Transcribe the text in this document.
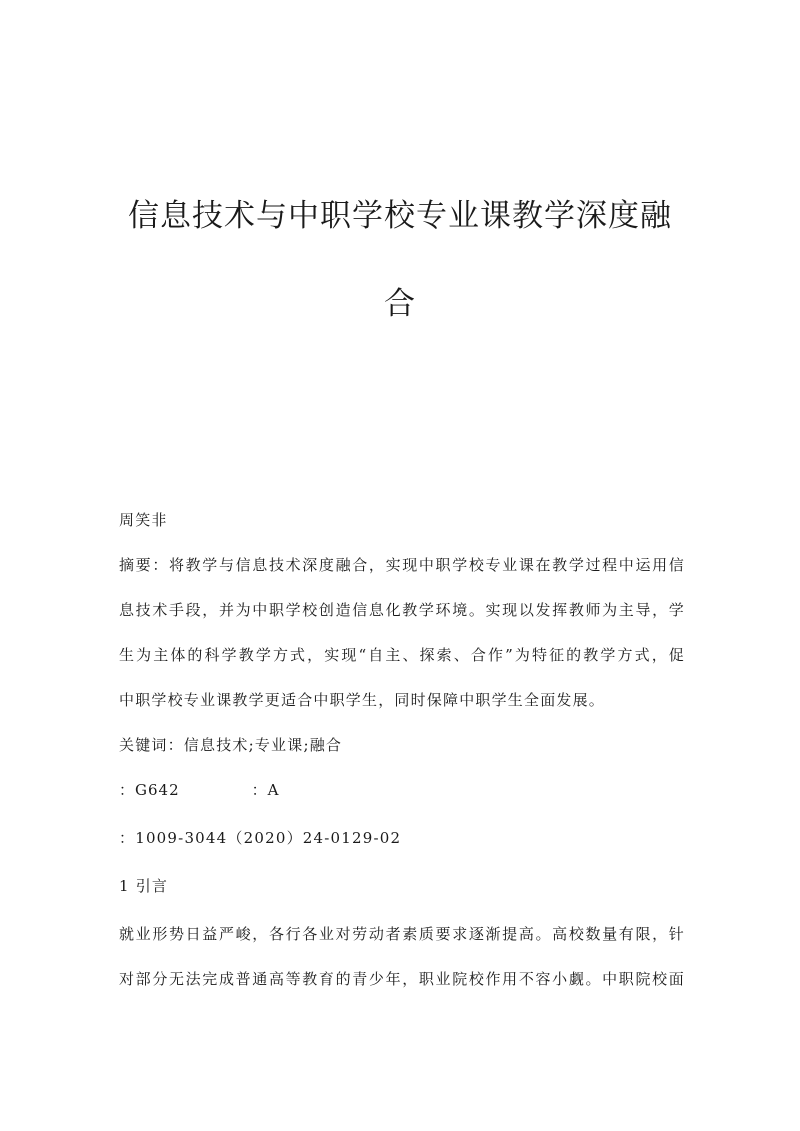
信息技术与中职学校专业课教学深度融
合

周笑非

摘要：将教学与信息技术深度融合，实现中职学校专业课在教学过程中运用信

息技术手段，并为中职学校创造信息化教学环境。实现以发挥教师为主导，学

生为主体的科学教学方式，实现“自主、探索、合作”为特征的教学方式，促

中职学校专业课教学更适合中职学生，同时保障中职学生全面发展。

关键词：信息技术;专业课;融合

：G642	：A

：1009-3044（2020）24-0129-02

1 引言

就业形势日益严峻，各行各业对劳动者素质要求逐渐提高。高校数量有限，针

对部分无法完成普通高等教育的青少年，职业院校作用不容小觑。中职院校面
